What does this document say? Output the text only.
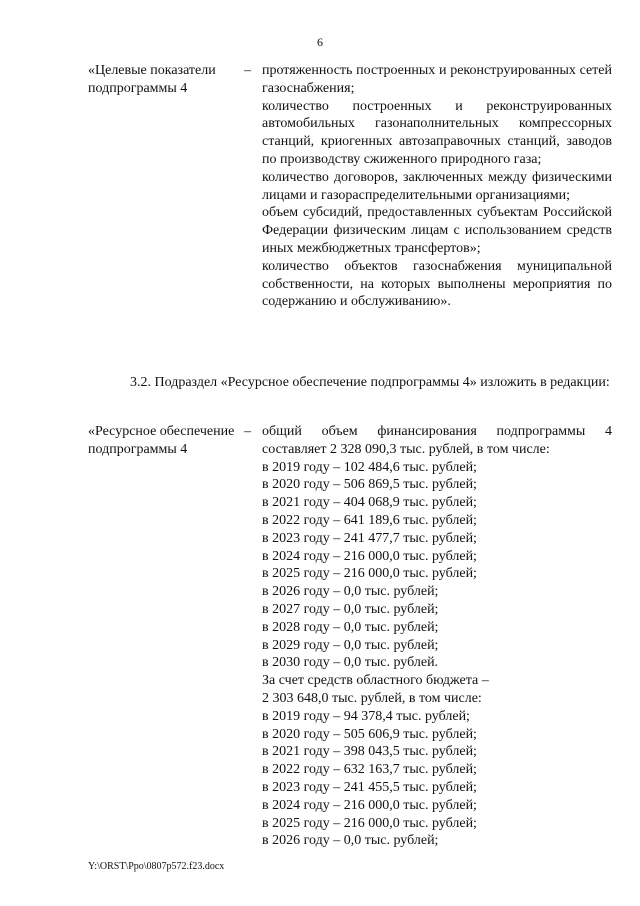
6
«Целевые показатели подпрограммы 4
– протяженность построенных и реконструированных сетей газоснабжения;

количество построенных и реконструированных автомобильных газонаполнительных компрессорных станций, криогенных автозаправочных станций, заводов по производству сжиженного природного газа;

количество договоров, заключенных между физическими лицами и газораспределительными организациями;

объем субсидий, предоставленных субъектам Российской Федерации физическим лицам с использованием средств иных межбюджетных трансфертов»;

количество объектов газоснабжения муниципальной собственности, на которых выполнены мероприятия по содержанию и обслуживанию».

3.2. Подраздел «Ресурсное обеспечение подпрограммы 4» изложить в редакции:
«Ресурсное обеспечение подпрограммы 4
– общий объем финансирования подпрограммы 4 составляет 2 328 090,3 тыс. рублей, в том числе:

в 2019 году – 102 484,6 тыс. рублей;
в 2020 году – 506 869,5 тыс. рублей;
в 2021 году – 404 068,9 тыс. рублей;
в 2022 году – 641 189,6 тыс. рублей;
в 2023 году – 241 477,7 тыс. рублей;
в 2024 году – 216 000,0 тыс. рублей;
в 2025 году – 216 000,0 тыс. рублей;
в 2026 году – 0,0 тыс. рублей;
в 2027 году – 0,0 тыс. рублей;
в 2028 году – 0,0 тыс. рублей;
в 2029 году – 0,0 тыс. рублей;
в 2030 году – 0,0 тыс. рублей.
За счет средств областного бюджета –
2 303 648,0 тыс. рублей, в том числе:
в 2019 году – 94 378,4 тыс. рублей;
в 2020 году – 505 606,9 тыс. рублей;
в 2021 году – 398 043,5 тыс. рублей;
в 2022 году – 632 163,7 тыс. рублей;
в 2023 году – 241 455,5 тыс. рублей;
в 2024 году – 216 000,0 тыс. рублей;
в 2025 году – 216 000,0 тыс. рублей;
в 2026 году – 0,0 тыс. рублей;
Y:\ORST\Ppo\0807p572.f23.docx
